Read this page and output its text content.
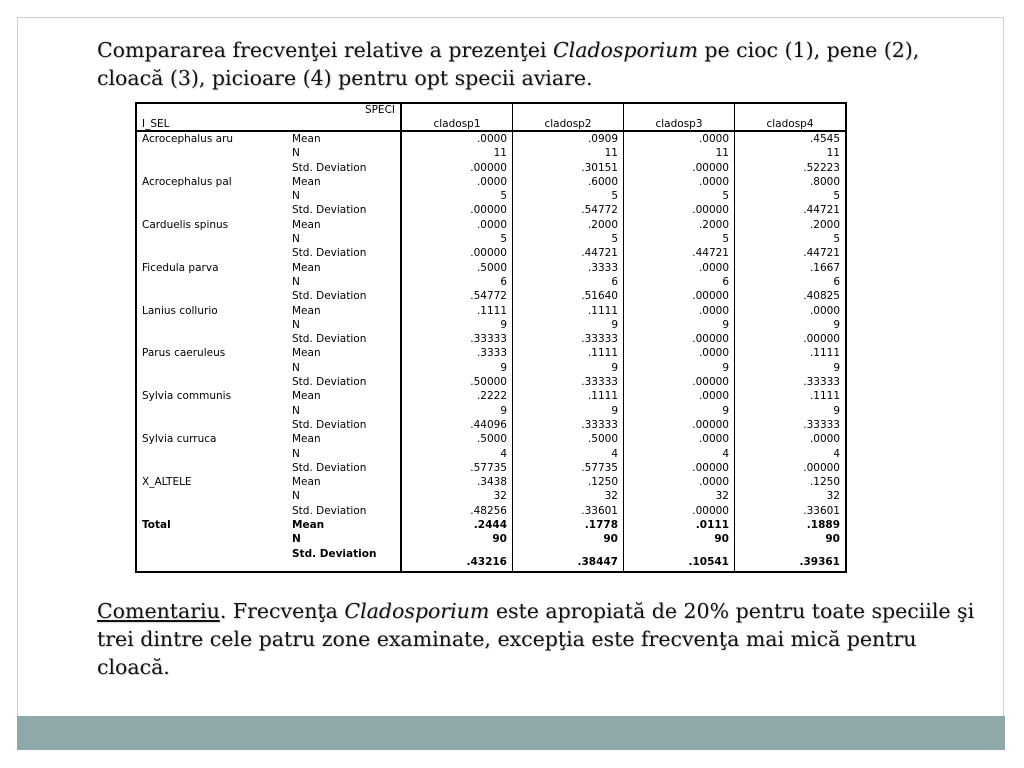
Compararea frecvenţei relative a prezenţei Cladosporium pe cioc (1), pene (2), cloacă (3), picioare (4) pentru opt specii aviare.
SPECI
I_SEL		cladosp1	cladosp2	cladosp3	cladosp4
Acrocephalus aru	Mean	.0000	.0909	.0000	.4545
	N	11	11	11	11
	Std. Deviation	.00000	.30151	.00000	.52223
Acrocephalus pal	Mean	.0000	.6000	.0000	.8000
	N	5	5	5	5
	Std. Deviation	.00000	.54772	.00000	.44721
Carduelis spinus	Mean	.0000	.2000	.2000	.2000
	N	5	5	5	5
	Std. Deviation	.00000	.44721	.44721	.44721
Ficedula parva	Mean	.5000	.3333	.0000	.1667
	N	6	6	6	6
	Std. Deviation	.54772	.51640	.00000	.40825
Lanius collurio	Mean	.1111	.1111	.0000	.0000
	N	9	9	9	9
	Std. Deviation	.33333	.33333	.00000	.00000
Parus caeruleus	Mean	.3333	.1111	.0000	.1111
	N	9	9	9	9
	Std. Deviation	.50000	.33333	.00000	.33333
Sylvia communis	Mean	.2222	.1111	.0000	.1111
	N	9	9	9	9
	Std. Deviation	.44096	.33333	.00000	.33333
Sylvia curruca	Mean	.5000	.5000	.0000	.0000
	N	4	4	4	4
	Std. Deviation	.57735	.57735	.00000	.00000
X_ALTELE	Mean	.3438	.1250	.0000	.1250
	N	32	32	32	32
	Std. Deviation	.48256	.33601	.00000	.33601
Total	Mean	.2444	.1778	.0111	.1889
	N	90	90	90	90
	Std. Deviation	.43216	.38447	.10541	.39361
Comentariu. Frecvenţa Cladosporium este apropiată de 20% pentru toate speciile şi trei dintre cele patru zone examinate, excepţia este frecvenţa mai mică pentru cloacă.
